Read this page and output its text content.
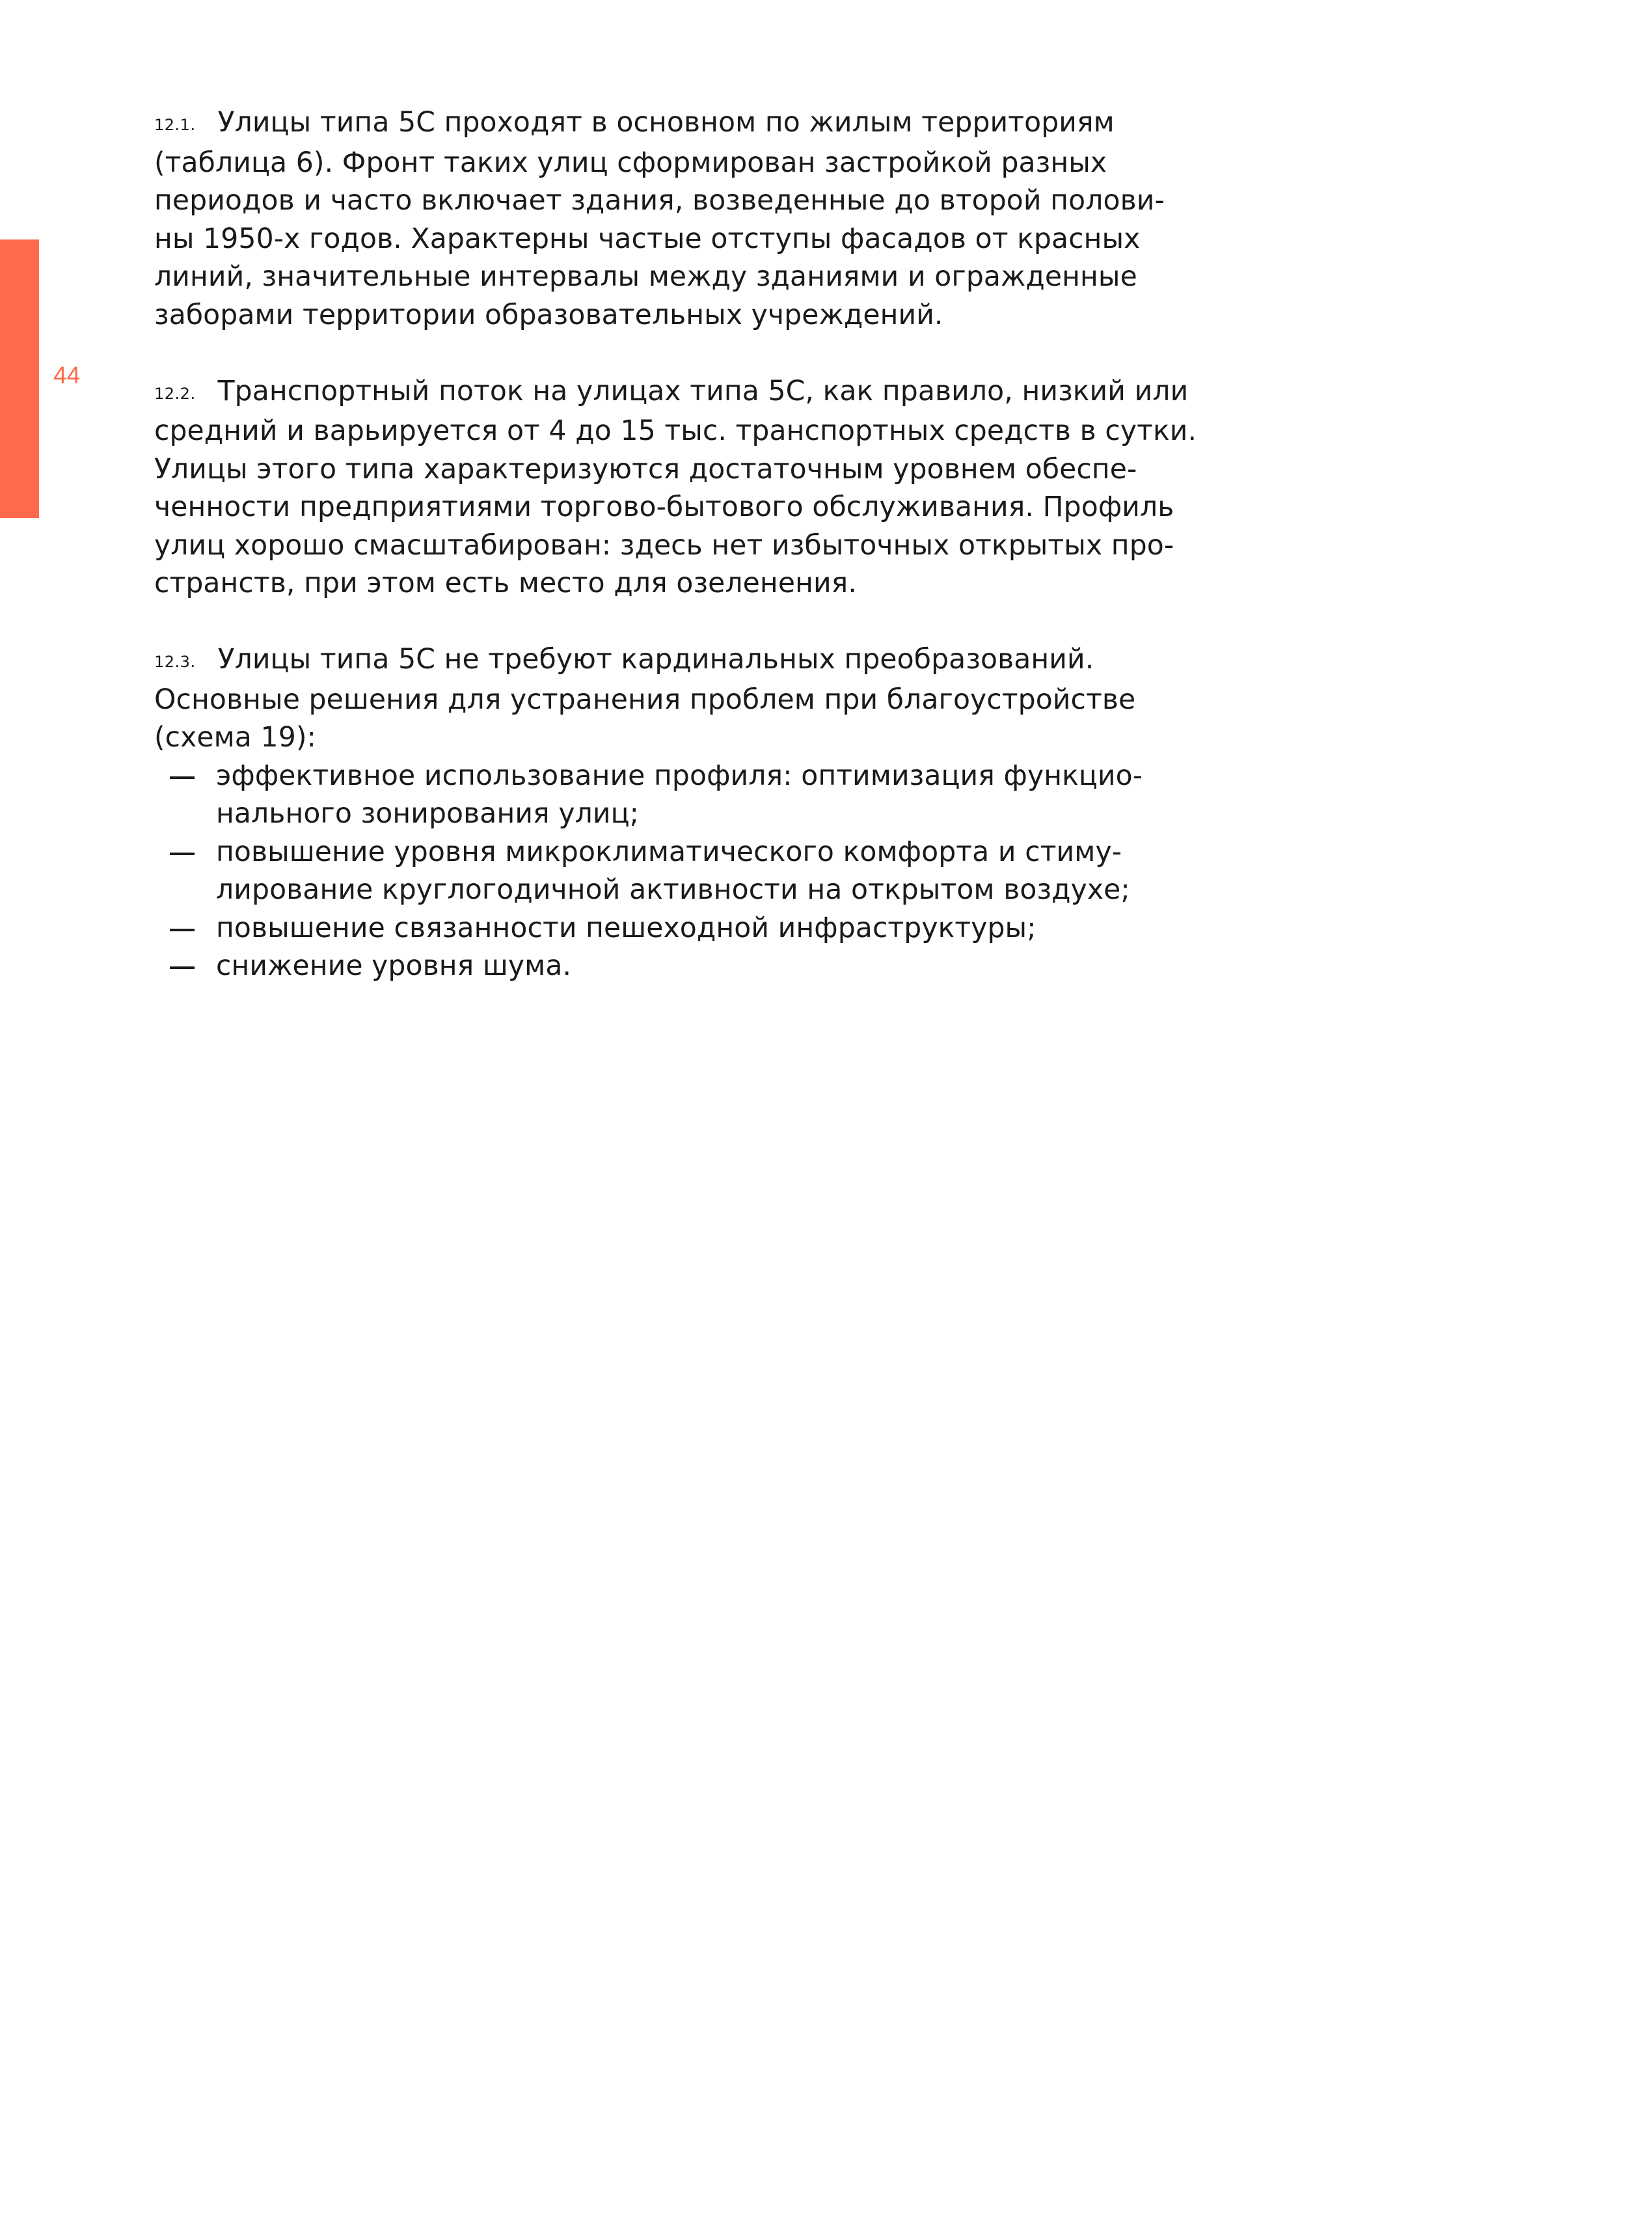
44
12.1. Улицы типа 5С проходят в основном по жилым территориям
(таблица 6). Фронт таких улиц сформирован застройкой разных
периодов и часто включает здания, возведенные до второй полови-
ны 1950-х годов. Характерны частые отступы фасадов от красных
линий, значительные интервалы между зданиями и огражденные
заборами территории образовательных учреждений.
12.2. Транспортный поток на улицах типа 5С, как правило, низкий или
средний и варьируется от 4 до 15 тыс. транспортных средств в сутки.
Улицы этого типа характеризуются достаточным уровнем обеспе-
ченности предприятиями торгово-бытового обслуживания. Профиль
улиц хорошо смасштабирован: здесь нет избыточных открытых про-
странств, при этом есть место для озеленения.
12.3. Улицы типа 5С не требуют кардинальных преобразований.
Основные решения для устранения проблем при благоустройстве
(схема 19):
эффективное использование профиля: оптимизация функцио-
нального зонирования улиц;
повышение уровня микроклиматического комфорта и стиму-
лирование круглогодичной активности на открытом воздухе;
повышение связанности пешеходной инфраструктуры;
снижение уровня шума.
